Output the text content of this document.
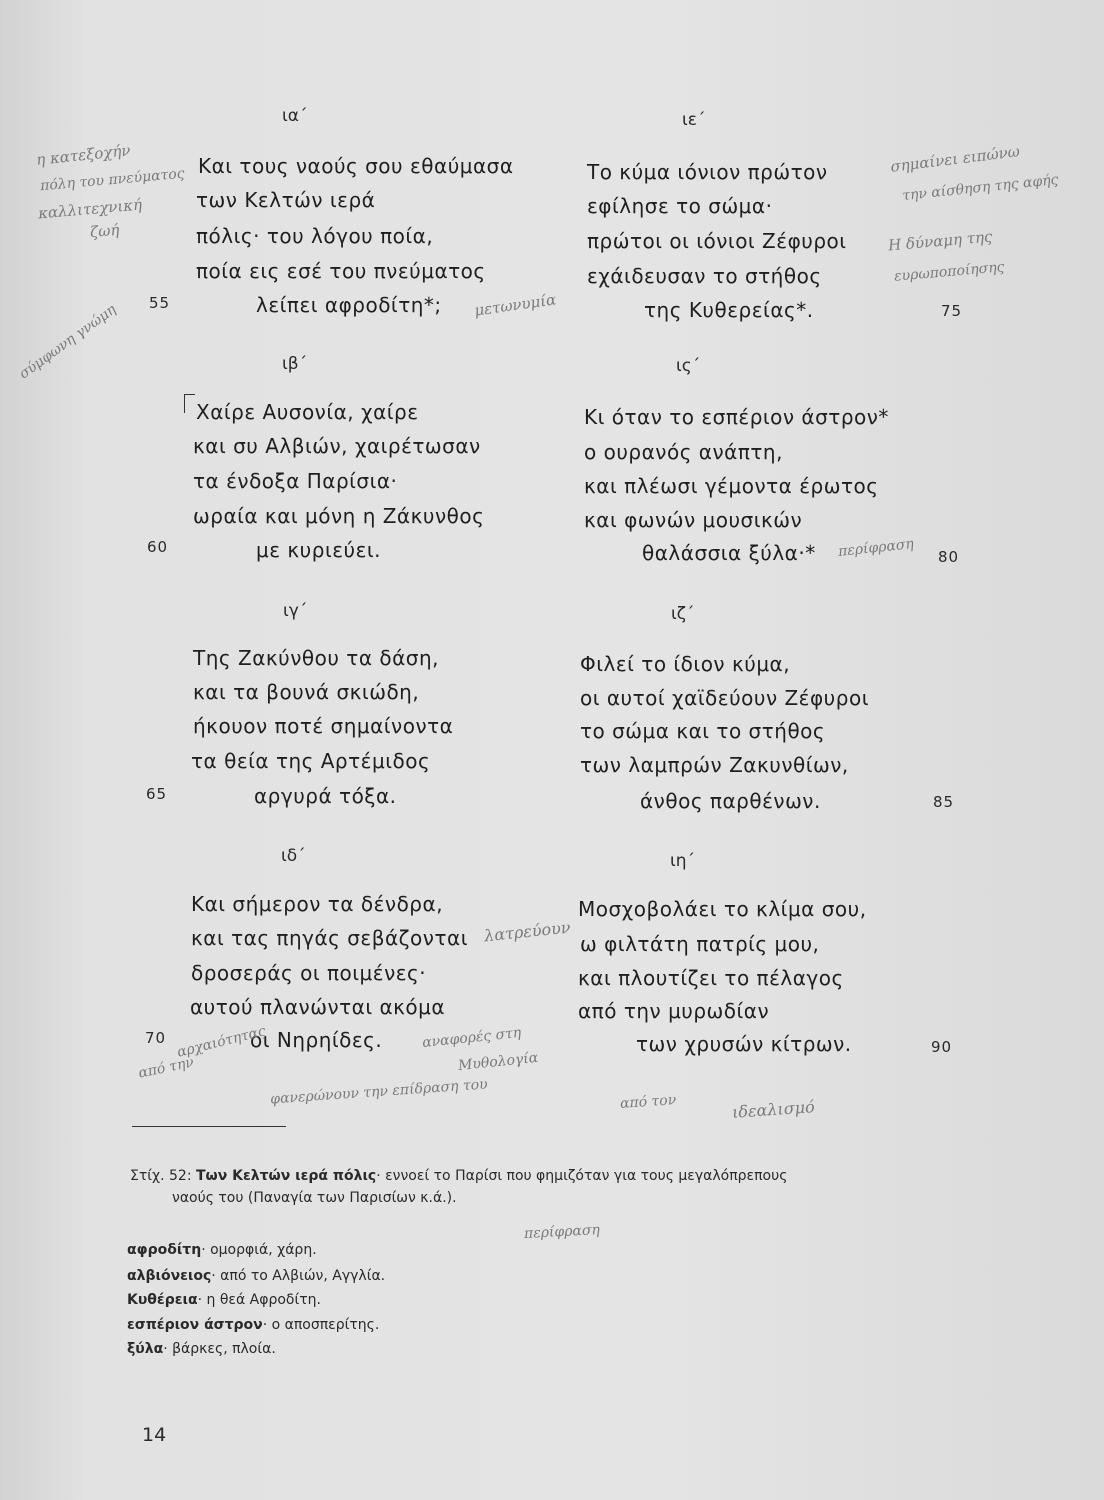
ια΄
Και τους ναούς σου εθαύμασα
των Κελτών ιερά
πόλις· του λόγου ποία,
ποία εις εσέ του πνεύματος
λείπει αφροδίτη*;
55
ιβ΄
Χαίρε Αυσονία, χαίρε
και συ Αλβιών, χαιρέτωσαν
τα ένδοξα Παρίσια·
ωραία και μόνη η Ζάκυνθος
με κυριεύει.
60
ιγ΄
Της Ζακύνθου τα δάση,
και τα βουνά σκιώδη,
ήκουον ποτέ σημαίνοντα
τα θεία της Αρτέμιδος
αργυρά τόξα.
65
ιδ΄
Και σήμερον τα δένδρα,
και τας πηγάς σεβάζονται
δροσεράς οι ποιμένες·
αυτού πλανώνται ακόμα
οι Νηρηίδες.
70
ιε΄
Το κύμα ιόνιον πρώτον
εφίλησε το σώμα·
πρώτοι οι ιόνιοι Ζέφυροι
εχάιδευσαν το στήθος
της Κυθερείας*.	75
ις΄
Κι όταν το εσπέριον άστρον*
ο ουρανός ανάπτη,
και πλέωσι γέμοντα έρωτος
και φωνών μουσικών
θαλάσσια ξύλα·*	80
ιζ΄
Φιλεί το ίδιον κύμα,
οι αυτοί χαϊδεύουν Ζέφυροι
το σώμα και το στήθος
των λαμπρών Ζακυνθίων,
άνθος παρθένων.	85
ιη΄
Μοσχοβολάει το κλίμα σου,
ω φιλτάτη πατρίς μου,
και πλουτίζει το πέλαγος
από την μυρωδίαν
των χρυσών κίτρων.	90
η κατεξοχήν
πόλη του πνεύματος
καλλιτεχνική
ζωή
σύμφωνη γνώμη	μετωνυμία
σημαίνει ειπώνω
την αίσθηση της αφής
Η δύναμη της
ευρωποποίησης
περίφραση
λατρεύουν
αναφορές στη
Μυθολογία
φανερώνουν την επίδραση του	από τον	ιδεαλισμό
αρχαιότητας
από την
περίφραση
Στίχ. 52: Των Κελτών ιερά πόλις· εννοεί το Παρίσι που φημιζόταν για τους μεγαλόπρεπους
ναούς του (Παναγία των Παρισίων κ.ά.).
αφροδίτη· ομορφιά, χάρη.
αλβιόνειος· από το Αλβιών, Αγγλία.
Κυθέρεια· η θεά Αφροδίτη.
εσπέριον άστρον· ο αποσπερίτης.
ξύλα· βάρκες, πλοία.
14
